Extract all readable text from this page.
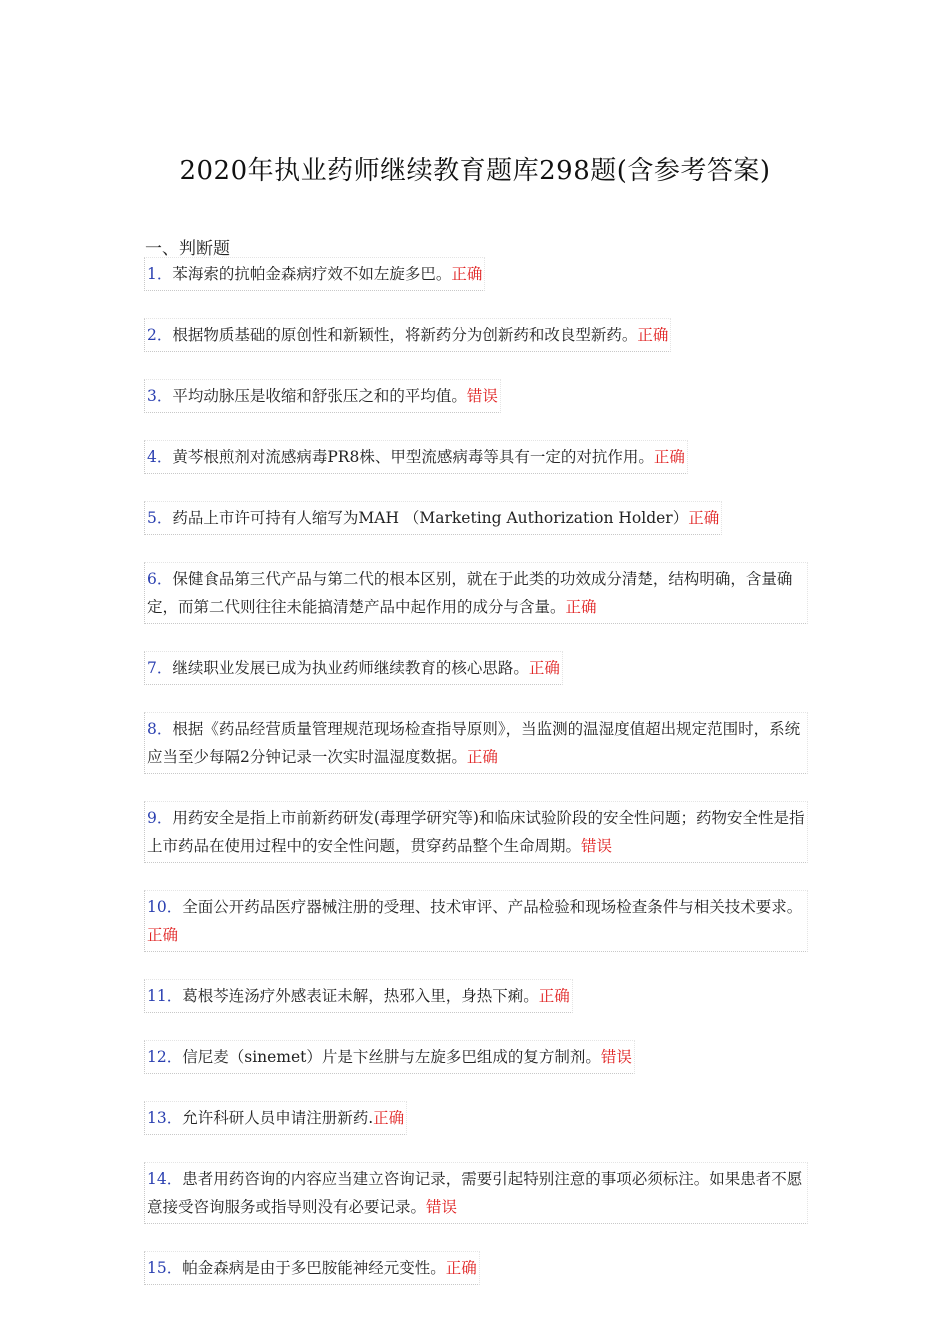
2020年执业药师继续教育题库298题(含参考答案)
一、判断题
1．苯海索的抗帕金森病疗效不如左旋多巴。正确
2．根据物质基础的原创性和新颖性，将新药分为创新药和改良型新药。正确
3．平均动脉压是收缩和舒张压之和的平均值。错误
4．黄芩根煎剂对流感病毒PR8株、甲型流感病毒等具有一定的对抗作用。正确
5．药品上市许可持有人缩写为MAH （Marketing Authorization Holder）正确
6．保健食品第三代产品与第二代的根本区别，就在于此类的功效成分清楚，结构明确，含量确定，而第二代则往往未能搞清楚产品中起作用的成分与含量。正确
7．继续职业发展已成为执业药师继续教育的核心思路。正确
8．根据《药品经营质量管理规范现场检查指导原则》，当监测的温湿度值超出规定范围时，系统应当至少每隔2分钟记录一次实时温湿度数据。正确
9．用药安全是指上市前新药研发(毒理学研究等)和临床试验阶段的安全性问题；药物安全性是指上市药品在使用过程中的安全性问题，贯穿药品整个生命周期。错误
10．全面公开药品医疗器械注册的受理、技术审评、产品检验和现场检查条件与相关技术要求。正确
11．葛根芩连汤疗外感表证未解，热邪入里，身热下痢。正确
12．信尼麦（sinemet）片是卞丝肼与左旋多巴组成的复方制剂。错误
13．允许科研人员申请注册新药.正确
14．患者用药咨询的内容应当建立咨询记录，需要引起特别注意的事项必须标注。如果患者不愿意接受咨询服务或指导则没有必要记录。错误
15．帕金森病是由于多巴胺能神经元变性。正确
